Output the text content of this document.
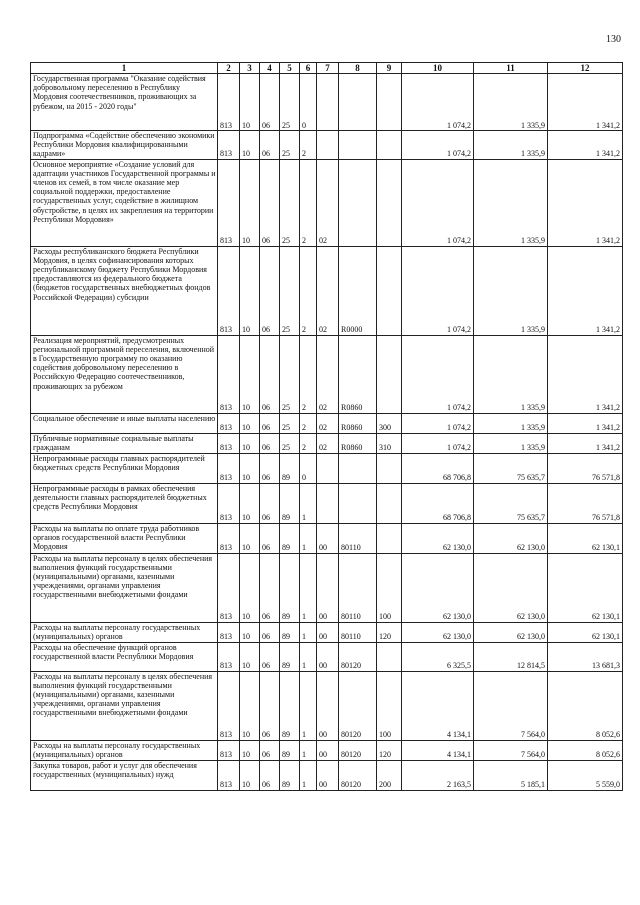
130
1	2	3	4	5	6	7	8	9	10	11	12
Государственная программа "Оказание содействия добровольному переселению в Республику Мордовия соотечественников, проживающих за рубежом, на 2015 - 2020 годы"	813	10	06	25	0				1 074,2	1 335,9	1 341,2
Подпрограмма «Содействие обеспечению экономики Республики Мордовия квалифицированными кадрами»	813	10	06	25	2				1 074,2	1 335,9	1 341,2
Основное мероприятие «Создание условий для адаптации участников Государственной программы и членов их семей, в том числе оказание мер социальной поддержки, предоставление государственных услуг, содействие в жилищном обустройстве, в целях их закрепления на территории Республики Мордовия»	813	10	06	25	2	02			1 074,2	1 335,9	1 341,2
Расходы республиканского бюджета Республики Мордовия, в целях софинансирования которых республиканскому бюджету Республики Мордовия предоставляются из федерального бюджета (бюджетов государственных внебюджетных фондов Российской Федерации) субсидии	813	10	06	25	2	02	R0000		1 074,2	1 335,9	1 341,2
Реализация мероприятий, предусмотренных региональной программой переселения, включенной в Государственную программу по оказанию содействия добровольному переселению в Российскую Федерацию соотечественников, проживающих за рубежом	813	10	06	25	2	02	R0860		1 074,2	1 335,9	1 341,2
Социальное обеспечение и иные выплаты населению	813	10	06	25	2	02	R0860	300	1 074,2	1 335,9	1 341,2
Публичные нормативные социальные выплаты гражданам	813	10	06	25	2	02	R0860	310	1 074,2	1 335,9	1 341,2
Непрограммные расходы главных распорядителей бюджетных средств Республики Мордовия	813	10	06	89	0				68 706,8	75 635,7	76 571,8
Непрограммные расходы в рамках обеспечения деятельности главных распорядителей бюджетных средств Республики Мордовия	813	10	06	89	1				68 706,8	75 635,7	76 571,8
Расходы на выплаты по оплате труда работников органов государственной власти Республики Мордовия	813	10	06	89	1	00	80110		62 130,0	62 130,0	62 130,1
Расходы на выплаты персоналу в целях обеспечения выполнения функций государственными (муниципальными) органами, казенными учреждениями, органами управления государственными внебюджетными фондами	813	10	06	89	1	00	80110	100	62 130,0	62 130,0	62 130,1
Расходы на выплаты персоналу государственных (муниципальных) органов	813	10	06	89	1	00	80110	120	62 130,0	62 130,0	62 130,1
Расходы на обеспечение функций органов государственной власти Республики Мордовия	813	10	06	89	1	00	80120		6 325,5	12 814,5	13 681,3
Расходы на выплаты персоналу в целях обеспечения выполнения функций государственными (муниципальными) органами, казенными учреждениями, органами управления государственными внебюджетными фондами	813	10	06	89	1	00	80120	100	4 134,1	7 564,0	8 052,6
Расходы на выплаты персоналу государственных (муниципальных) органов	813	10	06	89	1	00	80120	120	4 134,1	7 564,0	8 052,6
Закупка товаров, работ и услуг для обеспечения государственных (муниципальных) нужд	813	10	06	89	1	00	80120	200	2 163,5	5 185,1	5 559,0
